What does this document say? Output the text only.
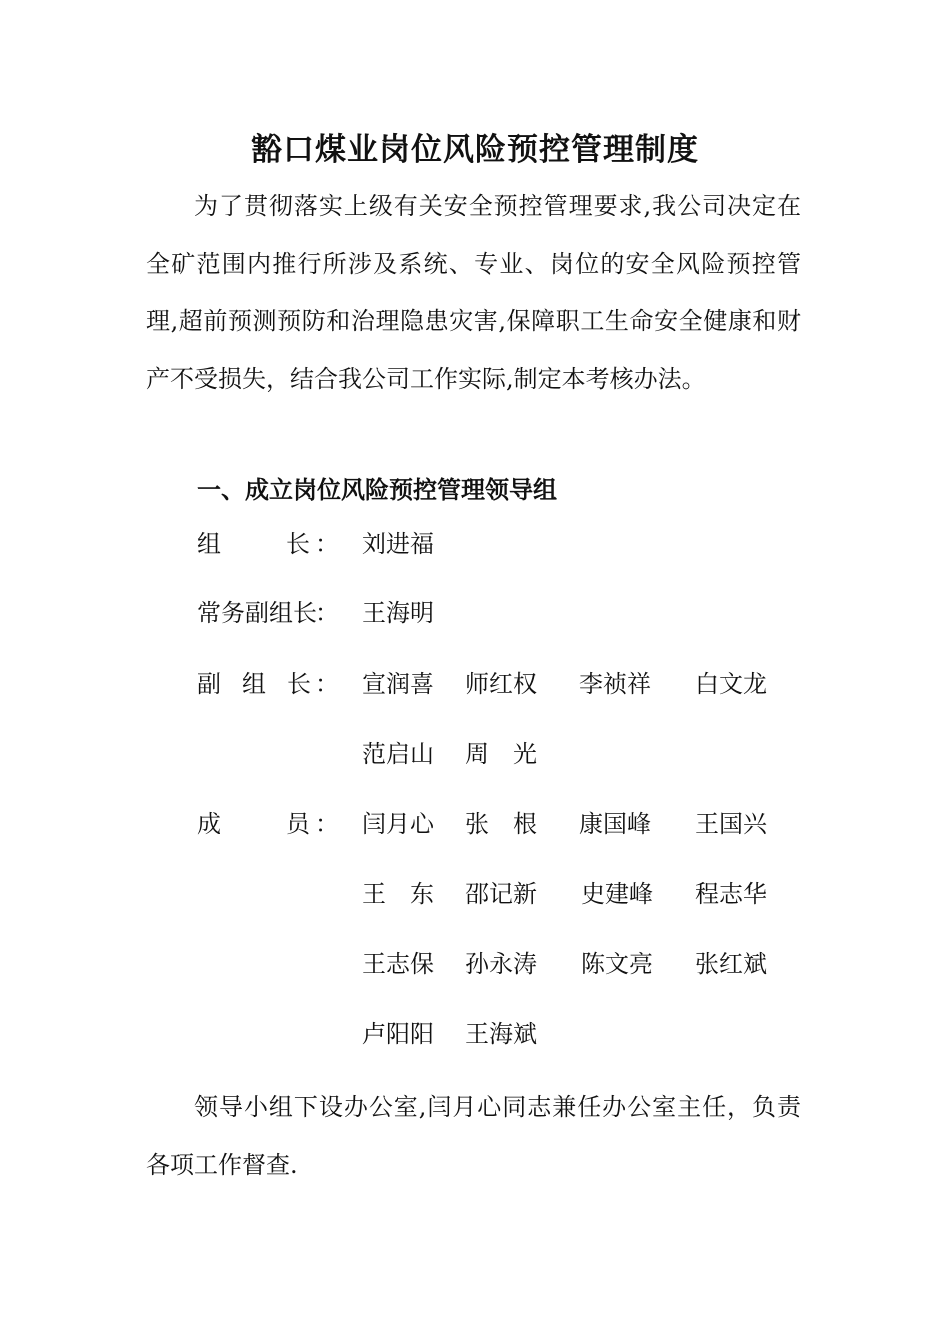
豁口煤业岗位风险预控管理制度

为了贯彻落实上级有关安全预控管理要求,我公司决定在全矿范围内推行所涉及系统、专业、岗位的安全风险预控管理,超前预测预防和治理隐患灾害,保障职工生命安全健康和财产不受损失，结合我公司工作实际,制定本考核办法。

一、成立岗位风险预控管理领导组
组	长 ： 刘进福
常务副组长
： 王海明
副 组 长 ： 宣润喜 师红权 李祯祥 白文龙
范启山 周　光
成	员 ： 闫月心 张　根 康国峰 王国兴
王　东 邵记新 史建峰 程志华
王志保 孙永涛 陈文亮 张红斌
卢阳阳 王海斌

领导小组下设办公室,闫月心同志兼任办公室主任，负责各项工作督查.
